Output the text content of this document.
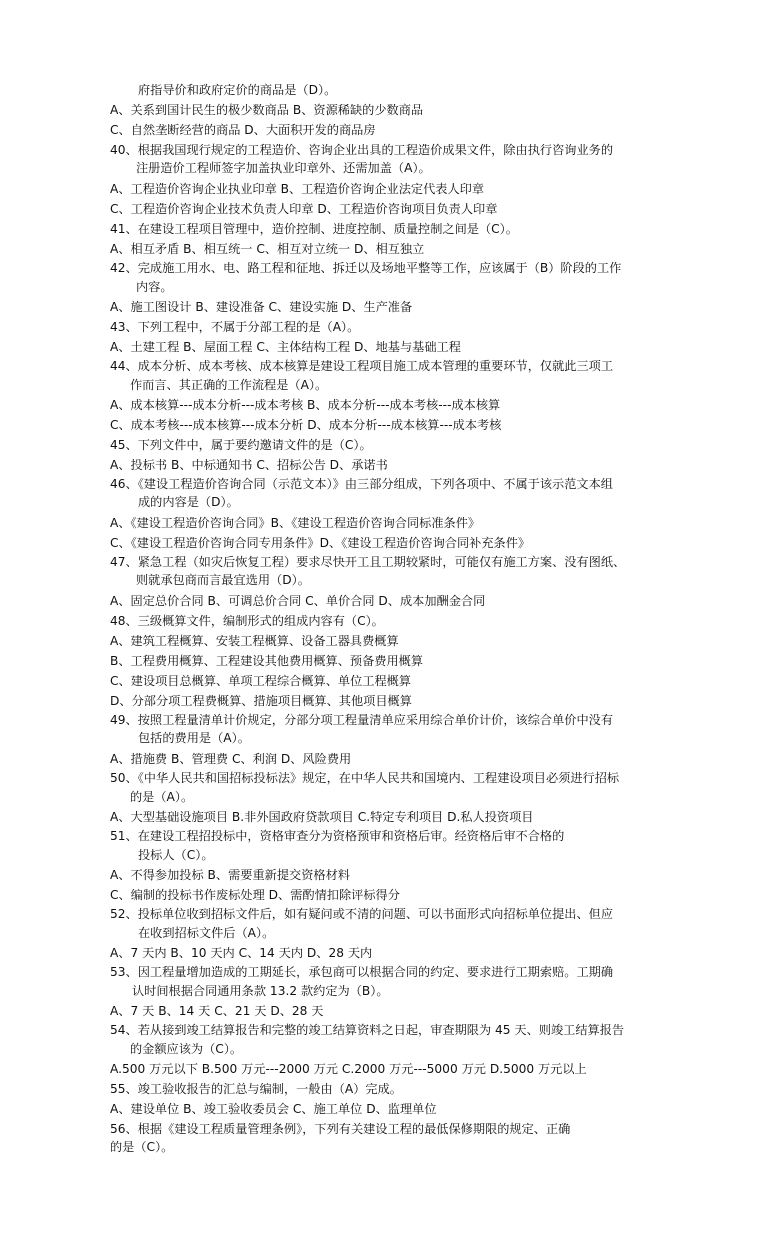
府指导价和政府定价的商品是（D）。
A、关系到国计民生的极少数商品 B、资源稀缺的少数商品
C、自然垄断经营的商品 D、大面积开发的商品房
40、根据我国现行规定的工程造价、咨询企业出具的工程造价成果文件，除由执行咨询业务的
注册造价工程师签字加盖执业印章外、还需加盖（A）。
A、工程造价咨询企业执业印章 B、工程造价咨询企业法定代表人印章
C、工程造价咨询企业技术负责人印章 D、工程造价咨询项目负责人印章
41、在建设工程项目管理中，造价控制、进度控制、质量控制之间是（C）。
A、相互矛盾 B、相互统一 C、相互对立统一 D、相互独立
42、完成施工用水、电、路工程和征地、拆迁以及场地平整等工作，应该属于（B）阶段的工作
内容。
A、施工图设计 B、建设准备 C、建设实施 D、生产准备
43、下列工程中，不属于分部工程的是（A）。
A、土建工程 B、屋面工程 C、主体结构工程 D、地基与基础工程
44、成本分析、成本考核、成本核算是建设工程项目施工成本管理的重要环节，仅就此三项工
作而言、其正确的工作流程是（A）。
A、成本核算---成本分析---成本考核 B、成本分析---成本考核---成本核算
C、成本考核---成本核算---成本分析 D、成本分析---成本核算---成本考核
45、下列文件中，属于要约邀请文件的是（C）。
A、投标书 B、中标通知书 C、招标公告 D、承诺书
46、《建设工程造价咨询合同（示范文本）》由三部分组成，下列各项中、不属于该示范文本组
成的内容是（D）。
A、《建设工程造价咨询合同》B、《建设工程造价咨询合同标准条件》
C、《建设工程造价咨询合同专用条件》D、《建设工程造价咨询合同补充条件》
47、紧急工程（如灾后恢复工程）要求尽快开工且工期较紧时，可能仅有施工方案、没有图纸、
则就承包商而言最宜选用（D）。
A、固定总价合同 B、可调总价合同 C、单价合同 D、成本加酬金合同
48、三级概算文件，编制形式的组成内容有（C）。
A、建筑工程概算、安装工程概算、设备工器具费概算
B、工程费用概算、工程建设其他费用概算、预备费用概算
C、建设项目总概算、单项工程综合概算、单位工程概算
D、分部分项工程费概算、措施项目概算、其他项目概算
49、按照工程量清单计价规定，分部分项工程量清单应采用综合单价计价，该综合单价中没有
包括的费用是（A）。
A、措施费 B、管理费 C、利润 D、风险费用
50、《中华人民共和国招标投标法》规定，在中华人民共和国境内、工程建设项目必须进行招标
的是（A）。
A、大型基础设施项目 B.非外国政府贷款项目 C.特定专利项目 D.私人投资项目
51、在建设工程招投标中，资格审查分为资格预审和资格后审。经资格后审不合格的
投标人（C）。
A、不得参加投标 B、需要重新提交资格材料
C、编制的投标书作废标处理 D、需酌情扣除评标得分
52、投标单位收到招标文件后，如有疑问或不清的问题、可以书面形式向招标单位提出、但应
在收到招标文件后（A）。
A、7 天内 B、10 天内 C、14 天内 D、28 天内
53、因工程量增加造成的工期延长，承包商可以根据合同的约定、要求进行工期索赔。工期确
认时间根据合同通用条款 13.2 款约定为（B）。
A、7 天 B、14 天 C、21 天 D、28 天
54、若从接到竣工结算报告和完整的竣工结算资料之日起，审查期限为 45 天、则竣工结算报告
的金额应该为（C）。
A.500 万元以下 B.500 万元---2000 万元 C.2000 万元---5000 万元 D.5000 万元以上
55、竣工验收报告的汇总与编制，一般由（A）完成。
A、建设单位 B、竣工验收委员会 C、施工单位 D、监理单位
56、根据《建设工程质量管理条例》，下列有关建设工程的最低保修期限的规定、正确
的是（C）。
